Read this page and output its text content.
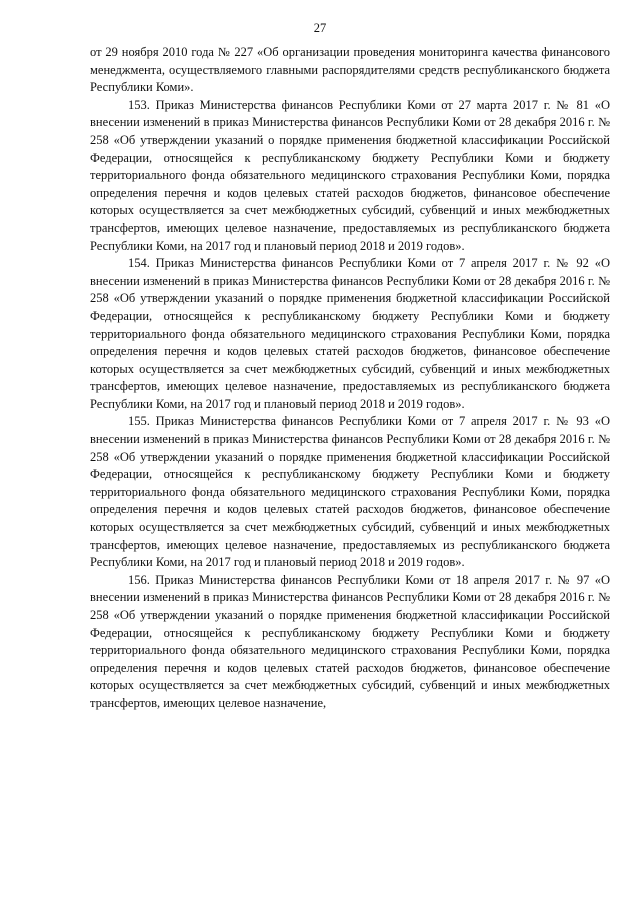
27

от 29 ноября 2010 года № 227 «Об организации проведения мониторинга качества финансового менеджмента, осуществляемого главными распорядителями средств республиканского бюджета Республики Коми».

153. Приказ Министерства финансов Республики Коми от 27 марта 2017 г. № 81 «О внесении изменений в приказ Министерства финансов Республики Коми от 28 декабря 2016 г. № 258 «Об утверждении указаний о порядке применения бюджетной классификации Российской Федерации, относящейся к республиканскому бюджету Республики Коми и бюджету территориального фонда обязательного медицинского страхования Республики Коми, порядка определения перечня и кодов целевых статей расходов бюджетов, финансовое обеспечение которых осуществляется за счет межбюджетных субсидий, субвенций и иных межбюджетных трансфертов, имеющих целевое назначение, предоставляемых из республиканского бюджета Республики Коми, на 2017 год и плановый период 2018 и 2019 годов».

154. Приказ Министерства финансов Республики Коми от 7 апреля 2017 г. № 92 «О внесении изменений в приказ Министерства финансов Республики Коми от 28 декабря 2016 г. № 258 «Об утверждении указаний о порядке применения бюджетной классификации Российской Федерации, относящейся к республиканскому бюджету Республики Коми и бюджету территориального фонда обязательного медицинского страхования Республики Коми, порядка определения перечня и кодов целевых статей расходов бюджетов, финансовое обеспечение которых осуществляется за счет межбюджетных субсидий, субвенций и иных межбюджетных трансфертов, имеющих целевое назначение, предоставляемых из республиканского бюджета Республики Коми, на 2017 год и плановый период 2018 и 2019 годов».

155. Приказ Министерства финансов Республики Коми от 7 апреля 2017 г. № 93 «О внесении изменений в приказ Министерства финансов Республики Коми от 28 декабря 2016 г. № 258 «Об утверждении указаний о порядке применения бюджетной классификации Российской Федерации, относящейся к республиканскому бюджету Республики Коми и бюджету территориального фонда обязательного медицинского страхования Республики Коми, порядка определения перечня и кодов целевых статей расходов бюджетов, финансовое обеспечение которых осуществляется за счет межбюджетных субсидий, субвенций и иных межбюджетных трансфертов, имеющих целевое назначение, предоставляемых из республиканского бюджета Республики Коми, на 2017 год и плановый период 2018 и 2019 годов».

156. Приказ Министерства финансов Республики Коми от 18 апреля 2017 г. № 97 «О внесении изменений в приказ Министерства финансов Республики Коми от 28 декабря 2016 г. № 258 «Об утверждении указаний о порядке применения бюджетной классификации Российской Федерации, относящейся к республиканскому бюджету Республики Коми и бюджету территориального фонда обязательного медицинского страхования Республики Коми, порядка определения перечня и кодов целевых статей расходов бюджетов, финансовое обеспечение которых осуществляется за счет межбюджетных субсидий, субвенций и иных межбюджетных трансфертов, имеющих целевое назначение,
